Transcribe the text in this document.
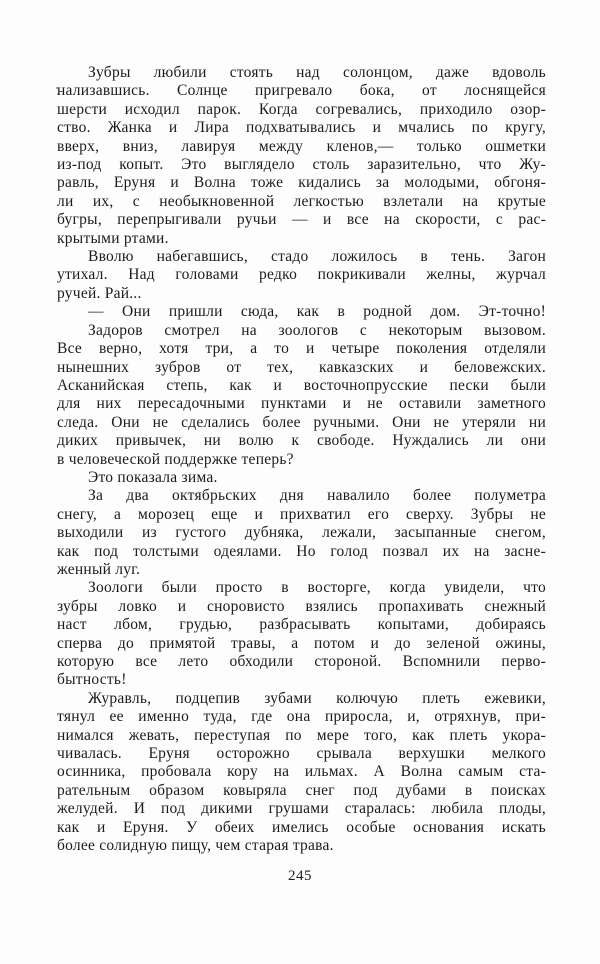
Зубры любили стоять над солонцом, даже вдоволь
нализавшись. Солнце пригревало бока, от лоснящейся
шерсти исходил парок. Когда согревались, приходило озор-
ство. Жанка и Лира подхватывались и мчались по кругу,
вверх, вниз, лавируя между кленов,— только ошметки
из-под копыт. Это выглядело столь заразительно, что Жу-
равль, Еруня и Волна тоже кидались за молодыми, обгоня-
ли их, с необыкновенной легкостью взлетали на крутые
бугры, перепрыгивали ручьи — и все на скорости, с рас-
крытыми ртами.
Вволю набегавшись, стадо ложилось в тень. Загон
утихал. Над головами редко покрикивали желны, журчал
ручей. Рай...
— Они пришли сюда, как в родной дом. Эт-точно!
Задоров смотрел на зоологов с некоторым вызовом.
Все верно, хотя три, а то и четыре поколения отделяли
нынешних зубров от тех, кавказских и беловежских.
Асканийская степь, как и восточнопрусские пески были
для них пересадочными пунктами и не оставили заметного
следа. Они не сделались более ручными. Они не утеряли ни
диких привычек, ни волю к свободе. Нуждались ли они
в человеческой поддержке теперь?
Это показала зима.
За два октябрьских дня навалило более полуметра
снегу, а морозец еще и прихватил его сверху. Зубры не
выходили из густого дубняка, лежали, засыпанные снегом,
как под толстыми одеялами. Но голод позвал их на засне-
женный луг.
Зоологи были просто в восторге, когда увидели, что
зубры ловко и сноровисто взялись пропахивать снежный
наст лбом, грудью, разбрасывать копытами, добираясь
сперва до примятой травы, а потом и до зеленой ожины,
которую все лето обходили стороной. Вспомнили перво-
бытность!
Журавль, подцепив зубами колючую плеть ежевики,
тянул ее именно туда, где она приросла, и, отряхнув, при-
нимался жевать, переступая по мере того, как плеть укора-
чивалась. Еруня осторожно срывала верхушки мелкого
осинника, пробовала кору на ильмах. А Волна самым ста-
рательным образом ковыряла снег под дубами в поисках
желудей. И под дикими грушами старалась: любила плоды,
как и Еруня. У обеих имелись особые основания искать
более солидную пищу, чем старая трава.
245
